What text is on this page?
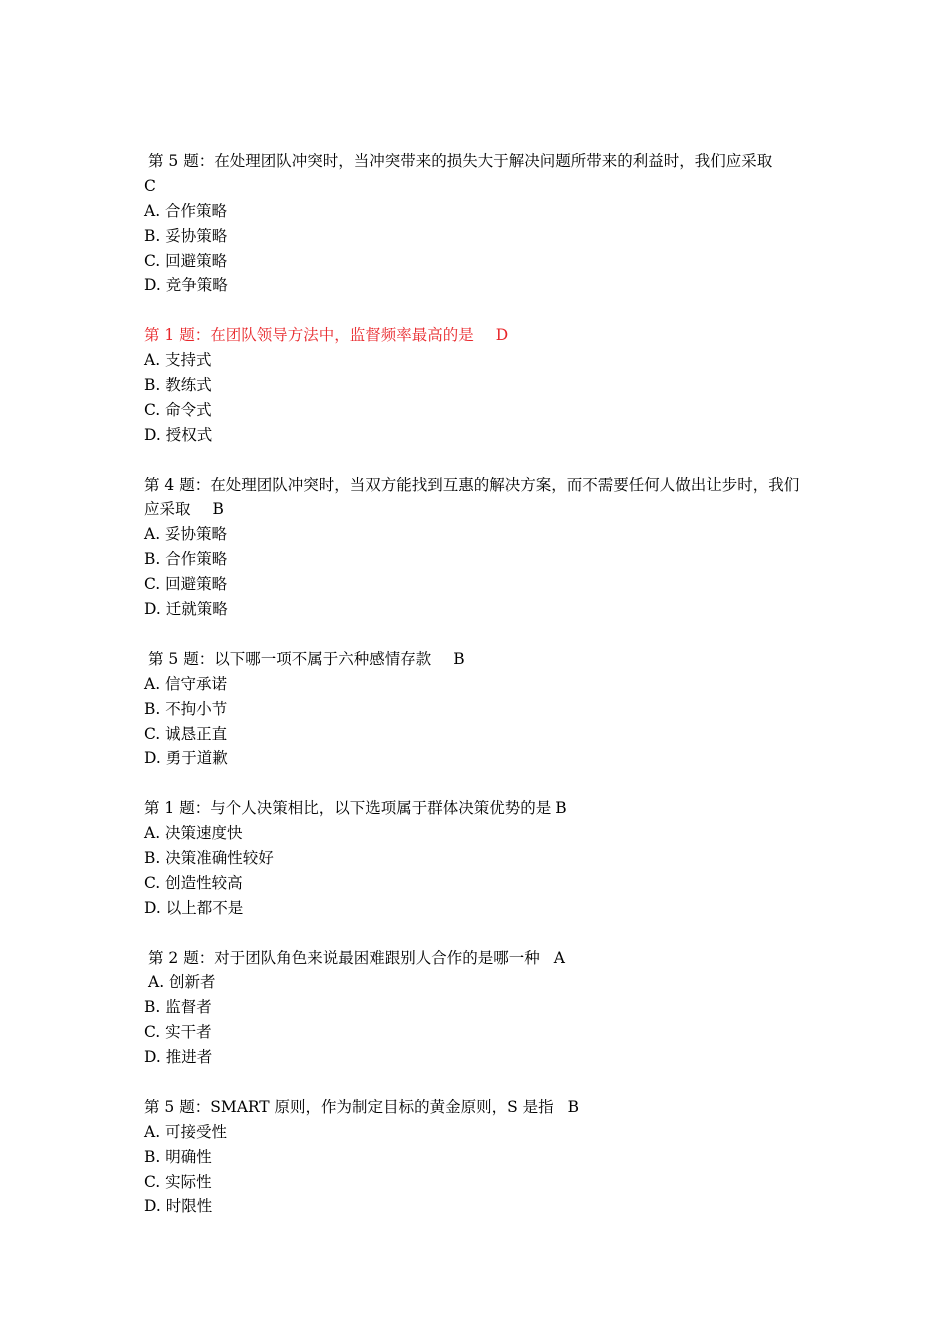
第 5 题：在处理团队冲突时，当冲突带来的损失大于解决问题所带来的利益时，我们应采取
C
A. 合作策略
B. 妥协策略
C. 回避策略
D. 竞争策略
第 1 题：在团队领导方法中，监督频率最高的是 D
A. 支持式
B. 教练式
C. 命令式
D. 授权式
第 4 题：在处理团队冲突时，当双方能找到互惠的解决方案，而不需要任何人做出让步时，我们应采取 B
A. 妥协策略
B. 合作策略
C. 回避策略
D. 迁就策略
第 5 题：以下哪一项不属于六种感情存款 B
A. 信守承诺
B. 不拘小节
C. 诚恳正直
D. 勇于道歉
第 1 题：与个人决策相比，以下选项属于群体决策优势的是 B
A. 决策速度快
B. 决策准确性较好
C. 创造性较高
D. 以上都不是
第 2 题：对于团队角色来说最困难跟别人合作的是哪一种 A
A. 创新者
B. 监督者
C. 实干者
D. 推进者
第 5 题：SMART 原则，作为制定目标的黄金原则，S 是指 B
A. 可接受性
B. 明确性
C. 实际性
D. 时限性
